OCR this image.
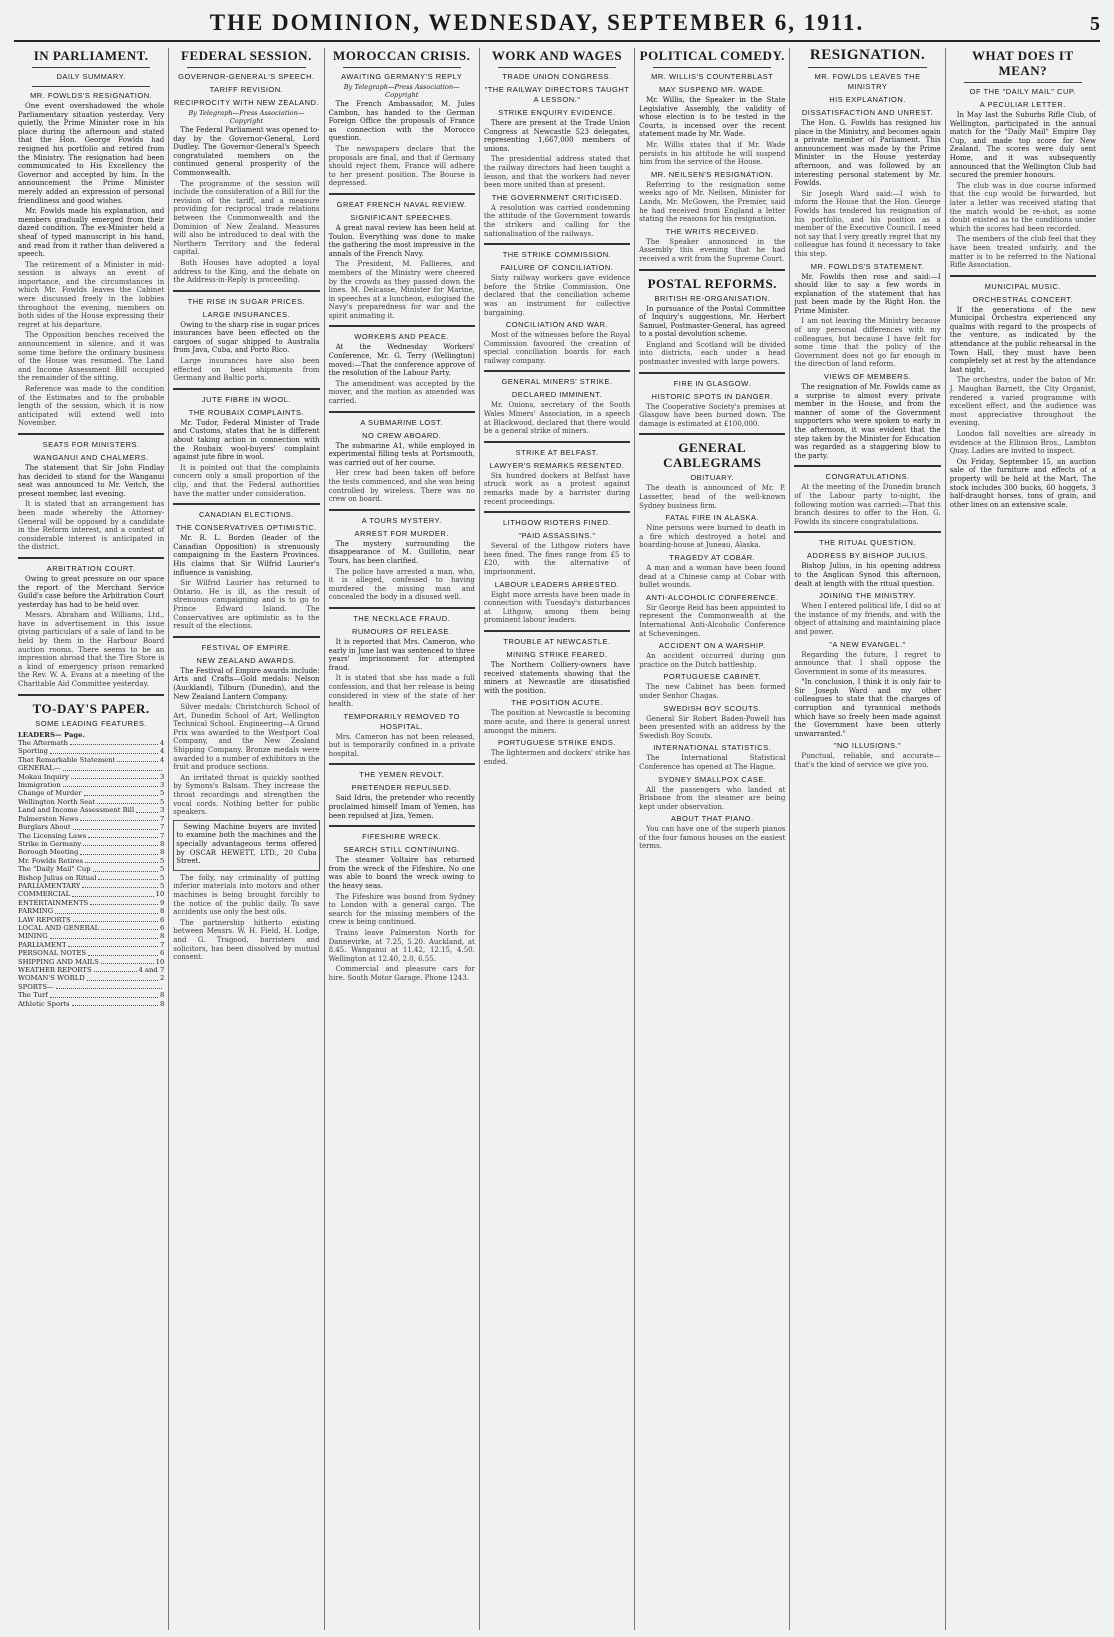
THE DOMINION, WEDNESDAY, SEPTEMBER 6, 1911.	5
IN PARLIAMENT.
DAILY SUMMARY.
MR. FOWLDS'S RESIGNATION.

One event overshadowed the whole Parliamentary situation yesterday. Very quietly, the Prime Minister rose in his place during the afternoon and stated that the Hon. George Fowlds had resigned his portfolio and retired from the Ministry. The resignation had been communicated to His Excellency the Governor and accepted by him. In the announcement the Prime Minister merely added an expression of personal friendliness and good wishes.

Mr. Fowlds made his explanation, and members gradually emerged from their dazed condition. The ex-Minister held a sheaf of typed manuscript in his hand, and read from it rather than delivered a speech.

The retirement of a Minister in mid-session is always an event of importance, and the circumstances in which Mr. Fowlds leaves the Cabinet were discussed freely in the lobbies throughout the evening, members on both sides of the House expressing their regret at his departure.

The Opposition benches received the announcement in silence, and it was some time before the ordinary business of the House was resumed. The Land and Income Assessment Bill occupied the remainder of the sitting.

Reference was made to the condition of the Estimates and to the probable length of the session, which it is now anticipated will extend well into November.

SEATS FOR MINISTERS.
WANGANUI AND CHALMERS.

The statement that Sir John Findlay has decided to stand for the Wanganui seat was announced to Mr. Veitch, the present member, last evening.

It is stated that an arrangement has been made whereby the Attorney-General will be opposed by a candidate in the Reform interest, and a contest of considerable interest is anticipated in the district.

ARBITRATION COURT.

Owing to great pressure on our space the report of the Merchant Service Guild's case before the Arbitration Court yesterday has had to be held over.

Messrs. Abraham and Williams, Ltd., have in advertisement in this issue giving particulars of a sale of land to be held by them in the Harbour Board auction rooms. There seems to be an impression abroad that the Tire Store is a kind of emergency prison remarked the Rev. W. A. Evans at a meeting of the Charitable Aid Committee yesterday.

TO-DAY'S PAPER.
SOME LEADING FEATURES.
LEADERS— Page.
The Aftermath	4
Sporting	4
That Remarkable Statement	4
GENERAL—
Mokau Inquiry	3
Immigration	3
Change of Murder	5
Wellington North Seat	5
Land and Income Assessment Bill	3
Palmerston News	7
Burglars About	7
The Licensing Laws	7
Strike in Germany	8
Borough Meeting	8
Mr. Fowlds Retires	5
The "Daily Mail" Cup	5
Bishop Julius on Ritual	5
PARLIAMENTARY	5
COMMERCIAL	10
ENTERTAINMENTS	9
FARMING	8
LAW REPORTS	6
LOCAL AND GENERAL	6
MINING	8
PARLIAMENT	7
PERSONAL NOTES	6
SHIPPING AND MAILS	10
WEATHER REPORTS	4 and 7
WOMAN'S WORLD	2
SPORTS—
The Turf	8
Athletic Sports	8
FEDERAL SESSION.
GOVERNOR-GENERAL'S SPEECH.
TARIFF REVISION.
RECIPROCITY WITH NEW ZEALAND.
By Telegraph—Press Association—Copyright

The Federal Parliament was opened to-day by the Governor-General, Lord Dudley. The Governor-General's Speech congratulated members on the continued general prosperity of the Commonwealth.

The programme of the session will include the consideration of a Bill for the revision of the tariff, and a measure providing for reciprocal trade relations between the Commonwealth and the Dominion of New Zealand. Measures will also be introduced to deal with the Northern Territory and the federal capital.

Both Houses have adopted a loyal address to the King, and the debate on the Address-in-Reply is proceeding.

THE RISE IN SUGAR PRICES.
LARGE INSURANCES.

Owing to the sharp rise in sugar prices insurances have been effected on the cargoes of sugar shipped to Australia from Java, Cuba, and Porto Rico.

Large insurances have also been effected on beet shipments from Germany and Baltic ports.

JUTE FIBRE IN WOOL.
THE ROUBAIX COMPLAINTS.

Mr. Tudor, Federal Minister of Trade and Customs, states that he is different about taking action in connection with the Roubaix wool-buyers' complaint against jute fibre in wool.

It is pointed out that the complaints concern only a small proportion of the clip, and that the Federal authorities have the matter under consideration.

CANADIAN ELECTIONS.
THE CONSERVATIVES OPTIMISTIC.

Mr. R. L. Borden (leader of the Canadian Opposition) is strenuously campaigning in the Eastern Provinces. His claims that Sir Wilfrid Laurier's influence is vanishing.

Sir Wilfrid Laurier has returned to Ontario. He is ill, as the result of strenuous campaigning and is to go to Prince Edward Island. The Conservatives are optimistic as to the result of the elections.

FESTIVAL OF EMPIRE.
NEW ZEALAND AWARDS.

The Festival of Empire awards include: Arts and Crafts—Gold medals: Nelson (Auckland), Tilburn (Dunedin), and the New Zealand Lantern Company.

Silver medals: Christchurch School of Art, Dunedin School of Art, Wellington Technical School. Engineering—A Grand Prix was awarded to the Westport Coal Company, and the New Zealand Shipping Company. Bronze medals were awarded to a number of exhibitors in the fruit and produce sections.

An irritated throat is quickly soothed by Symons's Balsam. They increase the throat recordings and strengthen the vocal cords. Nothing better for public speakers.

Sewing Machine buyers are invited to examine both the machines and the specially advantageous terms offered by OSCAR HEWETT, LTD., 20 Cuba Street.

The folly, nay criminality of putting inferior materials into motors and other machines is being brought forcibly to the notice of the public daily. To save accidents use only the best oils.

The partnership hitherto existing between Messrs. W. H. Field, H. Lodge, and G. Tragood, barristers and solicitors, has been dissolved by mutual consent.

MOROCCAN CRISIS.
AWAITING GERMANY'S REPLY
By Telegraph—Press Association—Copyright

The French Ambassador, M. Jules Cambon, has handed to the German Foreign Office the proposals of France as connection with the Morocco question.

The newspapers declare that the proposals are final, and that if Germany should reject them, France will adhere to her present position. The Bourse is depressed.

GREAT FRENCH NAVAL REVIEW.
SIGNIFICANT SPEECHES.

A great naval review has been held at Toulon. Everything was done to make the gathering the most impressive in the annals of the French Navy.

The President, M. Fallieres, and members of the Ministry were cheered by the crowds as they passed down the lines. M. Delcasse, Minister for Marine, in speeches at a luncheon, eulogised the Navy's preparedness for war and the spirit animating it.

WORKERS AND PEACE.

At the Wednesday Workers' Conference, Mr. G. Terry (Wellington) moved:—That the conference approve of the resolution of the Labour Party.

The amendment was accepted by the mover, and the motion as amended was carried.

A SUBMARINE LOST.
NO CREW ABOARD.

The submarine A1, while employed in experimental filling tests at Portsmouth, was carried out of her course.

Her crew had been taken off before the tests commenced, and she was being controlled by wireless. There was no crew on board.

A TOURS MYSTERY.
ARREST FOR MURDER.

The mystery surrounding the disappearance of M. Guillotin, near Tours, has been clarified.

The police have arrested a man, who, it is alleged, confessed to having murdered the missing man and concealed the body in a disused well.

THE NECKLACE FRAUD.
RUMOURS OF RELEASE.

It is reported that Mrs. Cameron, who early in June last was sentenced to three years' imprisonment for attempted fraud.

It is stated that she has made a full confession, and that her release is being considered in view of the state of her health.

TEMPORARILY REMOVED TO HOSPITAL.

Mrs. Cameron has not been released, but is temporarily confined in a private hospital.

THE YEMEN REVOLT.
PRETENDER REPULSED.

Said Idris, the pretender who recently proclaimed himself Imam of Yemen, has been repulsed at Jiza, Yemen.

FIFESHIRE WRECK.
SEARCH STILL CONTINUING.

The steamer Voltaire has returned from the wreck of the Fifeshire. No one was able to board the wreck owing to the heavy seas.

The Fifeshire was bound from Sydney to London with a general cargo. The search for the missing members of the crew is being continued.

Trains leave Palmerston North for Dannevirke, at 7.25, 5.20. Auckland, at 8.45. Wanganui at 11.42, 12.15, 4.50. Wellington at 12.40, 2.0, 6.55.

Commercial and pleasure cars for hire. South Motor Garage. Phone 1243.

WORK AND WAGES
TRADE UNION CONGRESS.
"THE RAILWAY DIRECTORS TAUGHT A LESSON."
STRIKE ENQUIRY EVIDENCE.

There are present at the Trade Union Congress at Newcastle 523 delegates, representing 1,667,000 members of unions.

The presidential address stated that the railway directors had been taught a lesson, and that the workers had never been more united than at present.

THE GOVERNMENT CRITICISED.

A resolution was carried condemning the attitude of the Government towards the strikers and calling for the nationalisation of the railways.

THE STRIKE COMMISSION.
FAILURE OF CONCILIATION.

Sixty railway workers gave evidence before the Strike Commission. One declared that the conciliation scheme was an instrument for collective bargaining.

CONCILIATION AND WAR.

Most of the witnesses before the Royal Commission favoured the creation of special conciliation boards for each railway company.

GENERAL MINERS' STRIKE.
DECLARED IMMINENT.

Mr. Onions, secretary of the South Wales Miners' Association, in a speech at Blackwood, declared that there would be a general strike of miners.

STRIKE AT BELFAST.
LAWYER'S REMARKS RESENTED.

Six hundred dockers at Belfast have struck work as a protest against remarks made by a barrister during recent proceedings.

LITHGOW RIOTERS FINED.
"PAID ASSASSINS."

Several of the Lithgow rioters have been fined. The fines range from £5 to £20, with the alternative of imprisonment.

LABOUR LEADERS ARRESTED.

Eight more arrests have been made in connection with Tuesday's disturbances at Lithgow, among them being prominent labour leaders.

TROUBLE AT NEWCASTLE.
MINING STRIKE FEARED.

The Northern Colliery-owners have received statements showing that the miners at Newcastle are dissatisfied with the position.

THE POSITION ACUTE.

The position at Newcastle is becoming more acute, and there is general unrest amongst the miners.

PORTUGUESE STRIKE ENDS.

The lightermen and dockers' strike has ended.

POLITICAL COMEDY.
MR. WILLIS'S COUNTERBLAST
MAY SUSPEND MR. WADE.

Mr. Willis, the Speaker in the State Legislative Assembly, the validity of whose election is to be tested in the Courts, is incensed over the recent statement made by Mr. Wade.

Mr. Willis states that if Mr. Wade persists in his attitude he will suspend him from the service of the House.

MR. NEILSEN'S RESIGNATION.

Referring to the resignation some weeks ago of Mr. Neilsen, Minister for Lands, Mr. McGowen, the Premier, said he had received from England a letter stating the reasons for his resignation.

THE WRITS RECEIVED.

The Speaker announced in the Assembly this evening that he had received a writ from the Supreme Court.

POSTAL REFORMS.
BRITISH RE-ORGANISATION.

In pursuance of the Postal Committee of Inquiry's suggestions, Mr. Herbert Samuel, Postmaster-General, has agreed to a postal devolution scheme.

England and Scotland will be divided into districts, each under a head postmaster invested with large powers.

FIRE IN GLASGOW.
HISTORIC SPOTS IN DANGER.

The Cooperative Society's premises at Glasgow have been burned down. The damage is estimated at £100,000.

GENERAL CABLEGRAMS
OBITUARY.

The death is announced of Mr. P. Lassetter, head of the well-known Sydney business firm.

FATAL FIRE IN ALASKA.

Nine persons were burned to death in a fire which destroyed a hotel and boarding-house at Juneau, Alaska.

TRAGEDY AT COBAR.

A man and a woman have been found dead at a Chinese camp at Cobar with bullet wounds.

ANTI-ALCOHOLIC CONFERENCE.

Sir George Reid has been appointed to represent the Commonwealth at the International Anti-Alcoholic Conference at Scheveningen.

ACCIDENT ON A WARSHIP.

An accident occurred during gun practice on the Dutch battleship.

PORTUGUESE CABINET.

The new Cabinet has been formed under Senhor Chagas.

SWEDISH BOY SCOUTS.

General Sir Robert Baden-Powell has been presented with an address by the Swedish Boy Scouts.

INTERNATIONAL STATISTICS.

The International Statistical Conference has opened at The Hague.

SYDNEY SMALLPOX CASE.

All the passengers who landed at Brisbane from the steamer are being kept under observation.

ABOUT THAT PIANO.

You can have one of the superb pianos of the four famous houses on the easiest terms.

RESIGNATION.
MR. FOWLDS LEAVES THE MINISTRY
HIS EXPLANATION.
DISSATISFACTION AND UNREST.

The Hon. G. Fowlds has resigned his place in the Ministry, and becomes again a private member of Parliament. This announcement was made by the Prime Minister in the House yesterday afternoon, and was followed by an interesting personal statement by Mr. Fowlds.

Sir Joseph Ward said:—I wish to inform the House that the Hon. George Fowlds has tendered his resignation of his portfolio, and his position as a member of the Executive Council. I need not say that I very greatly regret that my colleague has found it necessary to take this step.

MR. FOWLDS'S STATEMENT.

Mr. Fowlds then rose and said:—I should like to say a few words in explanation of the statement that has just been made by the Right Hon. the Prime Minister.

I am not leaving the Ministry because of any personal differences with my colleagues, but because I have felt for some time that the policy of the Government does not go far enough in the direction of land reform.

VIEWS OF MEMBERS.

The resignation of Mr. Fowlds came as a surprise to almost every private member in the House, and from the manner of some of the Government supporters who were spoken to early in the afternoon, it was evident that the step taken by the Minister for Education was regarded as a staggering blow to the party.

CONGRATULATIONS.

At the meeting of the Dunedin branch of the Labour party to-night, the following motion was carried:—That this branch desires to offer to the Hon. G. Fowlds its sincere congratulations.

THE RITUAL QUESTION.
ADDRESS BY BISHOP JULIUS.

Bishop Julius, in his opening address to the Anglican Synod this afternoon, dealt at length with the ritual question.

JOINING THE MINISTRY.

When I entered political life, I did so at the instance of my friends, and with the object of attaining and maintaining place and power.

"A NEW EVANGEL."

Regarding the future, I regret to announce that I shall oppose the Government in some of its measures.

"In conclusion, I think it is only fair to Sir Joseph Ward and my other colleagues to state that the charges of corruption and tyrannical methods which have so freely been made against the Government have been utterly unwarranted."

"NO ILLUSIONS."

Punctual, reliable, and accurate—that's the kind of service we give you.

WHAT DOES IT MEAN?
OF THE "DAILY MAIL" CUP.
A PECULIAR LETTER.

In May last the Suburbs Rifle Club, of Wellington, participated in the annual match for the "Daily Mail" Empire Day Cup, and made top score for New Zealand. The scores were duly sent Home, and it was subsequently announced that the Wellington Club had secured the premier honours.

The club was in due course informed that the cup would be forwarded, but later a letter was received stating that the match would be re-shot, as some doubt existed as to the conditions under which the scores had been recorded.

The members of the club feel that they have been treated unfairly, and the matter is to be referred to the National Rifle Association.

MUNICIPAL MUSIC.
ORCHESTRAL CONCERT.

If the generations of the new Municipal Orchestra experienced any qualms with regard to the prospects of the venture, as indicated by the attendance at the public rehearsal in the Town Hall, they must have been completely set at rest by the attendance last night.

The orchestra, under the baton of Mr. J. Maughan Barnett, the City Organist, rendered a varied programme with excellent effect, and the audience was most appreciative throughout the evening.

London fall novelties are already in evidence at the Ellinson Bros., Lambton Quay. Ladies are invited to inspect.

On Friday, September 15, an auction sale of the furniture and effects of a property will be held at the Mart. The stock includes 300 bucks, 60 hoggets, 3 half-draught horses, tons of grain, and other lines on an extensive scale.
